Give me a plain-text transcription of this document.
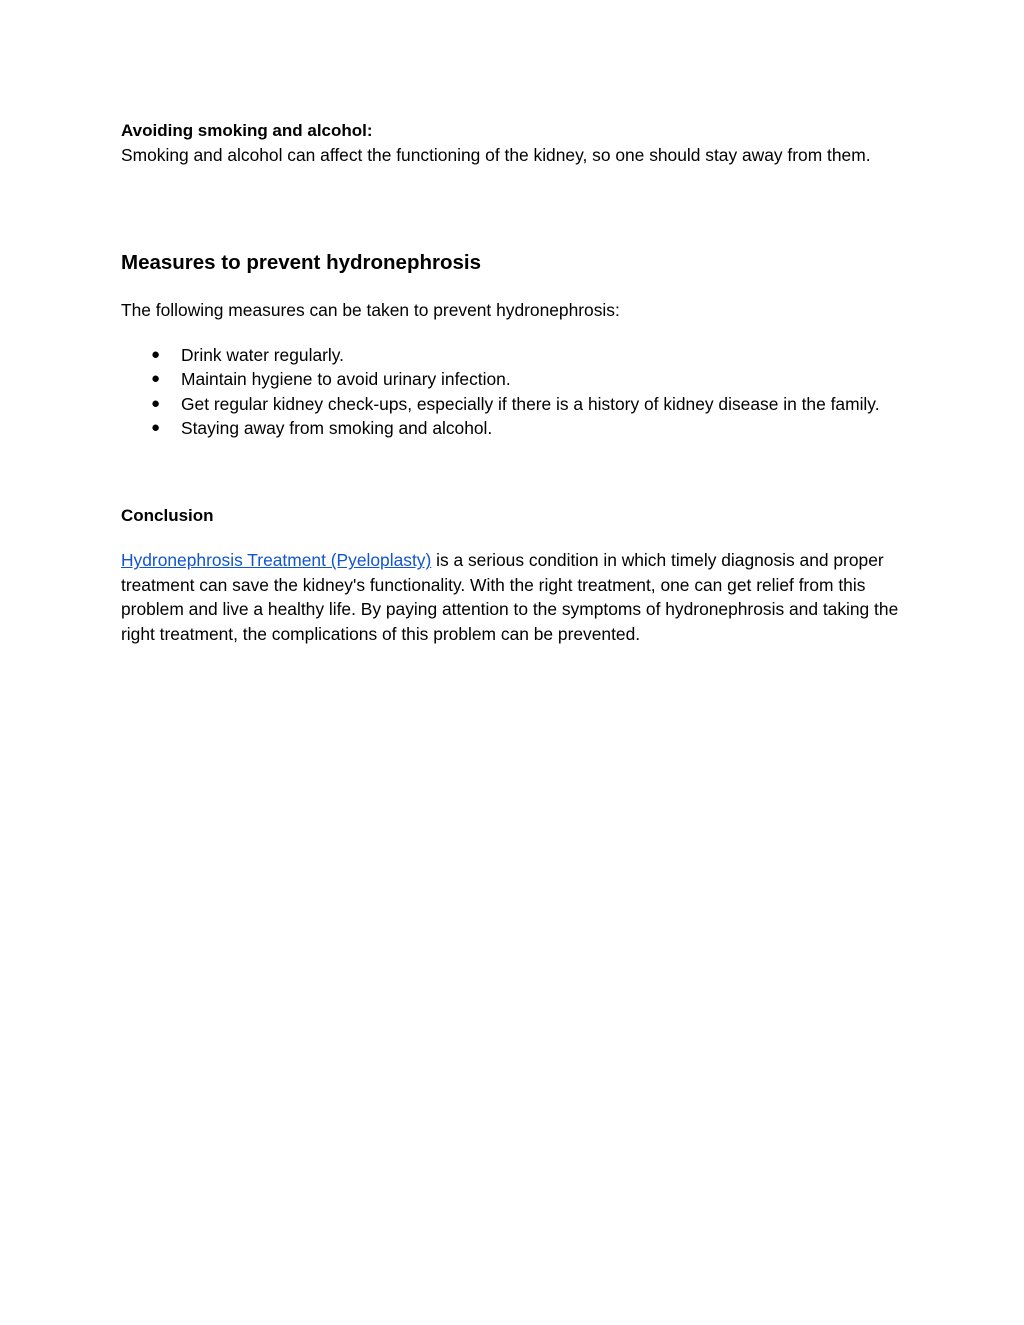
Avoiding smoking and alcohol:

Smoking and alcohol can affect the functioning of the kidney, so one should stay away from them.

Measures to prevent hydronephrosis

The following measures can be taken to prevent hydronephrosis:

● Drink water regularly.
● Maintain hygiene to avoid urinary infection.
● Get regular kidney check-ups, especially if there is a history of kidney disease in the family.
● Staying away from smoking and alcohol.

Conclusion

Hydronephrosis Treatment (Pyeloplasty) is a serious condition in which timely diagnosis and proper treatment can save the kidney's functionality. With the right treatment, one can get relief from this problem and live a healthy life. By paying attention to the symptoms of hydronephrosis and taking the right treatment, the complications of this problem can be prevented.
